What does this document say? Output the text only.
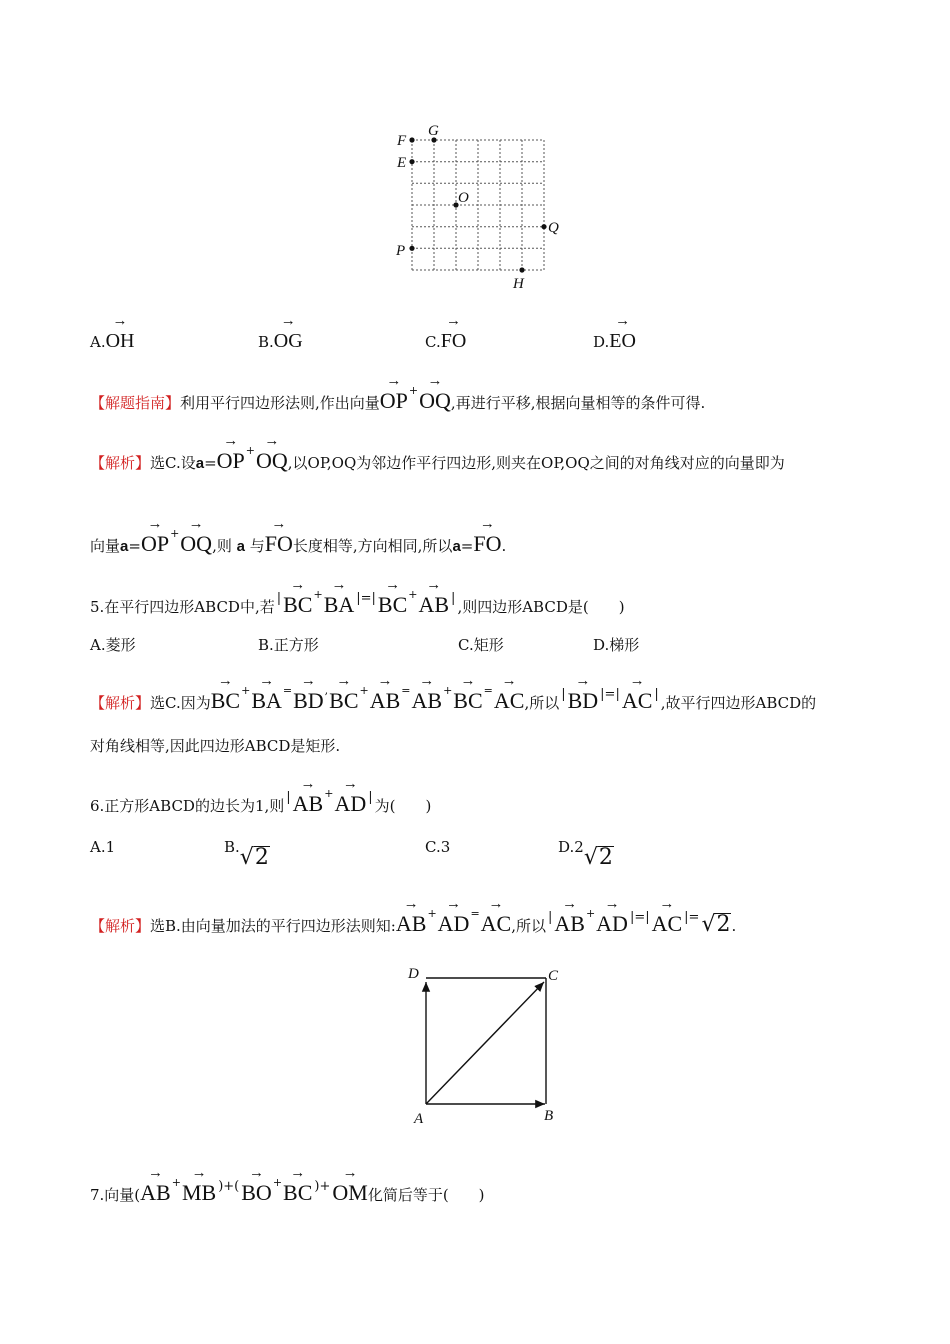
F
G
E
O
Q
P
H
A.→ OH	B.→ OG	C.→ FO	D.→ EO
【解题指南】利用平行四边形法则,作出向量→ OP+→ OQ,再进行平移,根据向量相等的条件可得.
【解析】选C.设a=→ OP+→ OQ,以OP,OQ为邻边作平行四边形,则夹在OP,OQ之间的对角线对应的向量即为
向量a=→ OP+→ OQ,则 a 与→ FO长度相等,方向相同,所以a=→ FO.
5.在平行四边形ABCD中,若 |→ BC+→ BA |=|→ BC+→ AB | ,则四边形ABCD是(　　)
A.菱形	B.正方形	C.矩形	D.梯形
【解析】选C.因为→ BC+→ BA=→ BD,→ BC+→ AB=→ AB+→ BC=→ AC,所以 |→ BD |=|→ AC | ,故平行四边形ABCD的
对角线相等,因此四边形ABCD是矩形.
6.正方形ABCD的边长为1,则 |→ AB+→ AD | 为(　　)
A.1	B.√2	C.3	D.2√2
【解析】选B.由向量加法的平行四边形法则知:→ AB+→ AD=→ AC,所以 |→ AB+→ AD |=|→ AC |=√2.
A	B
C
D
7.向量(→ AB+→ MB )+(→ BO+→ BC )+→ OM化简后等于(　　)
